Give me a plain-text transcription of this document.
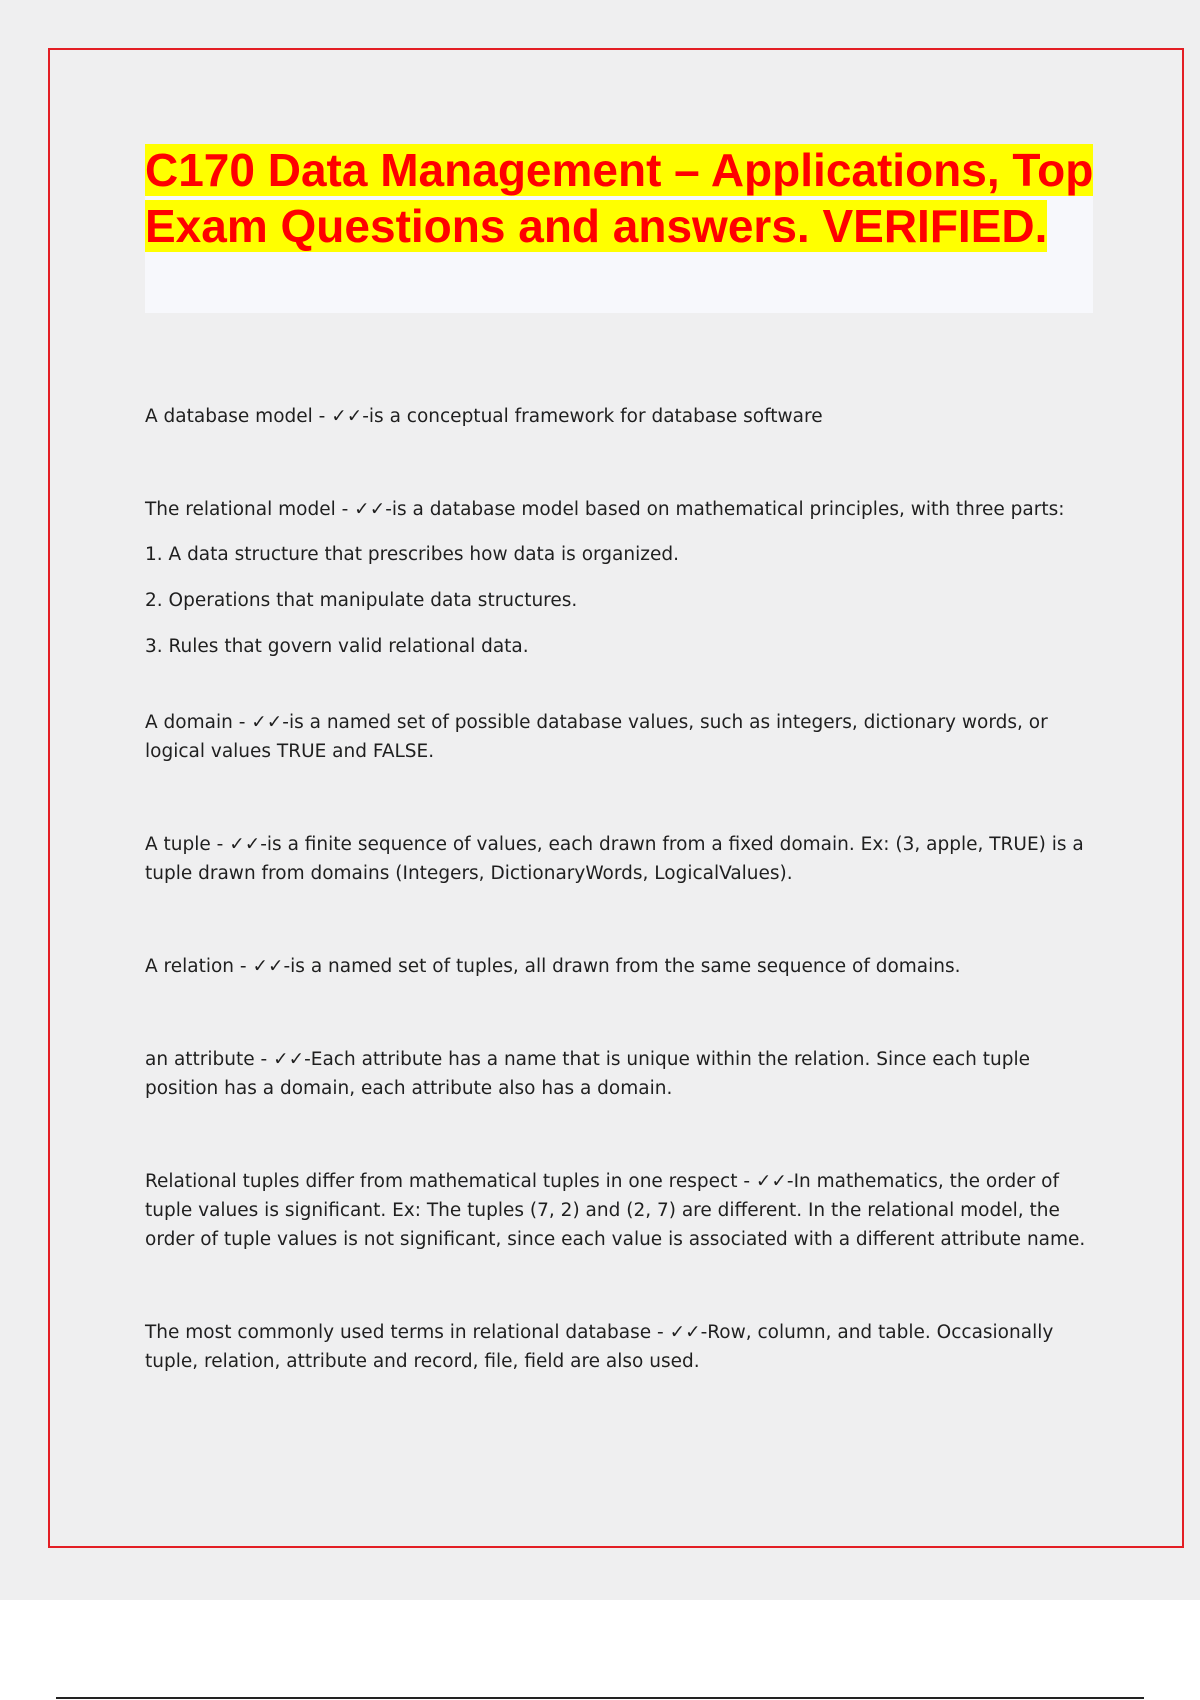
C170 Data Management – Applications, Top Exam Questions and answers. VERIFIED.

A database model - ✓✓-is a conceptual framework for database software

The relational model - ✓✓-is a database model based on mathematical principles, with three parts:

1. A data structure that prescribes how data is organized.
2. Operations that manipulate data structures.
3. Rules that govern valid relational data.

A domain - ✓✓-is a named set of possible database values, such as integers, dictionary words, or logical values TRUE and FALSE.

A tuple - ✓✓-is a finite sequence of values, each drawn from a fixed domain. Ex: (3, apple, TRUE) is a tuple drawn from domains (Integers, DictionaryWords, LogicalValues).

A relation - ✓✓-is a named set of tuples, all drawn from the same sequence of domains.

an attribute - ✓✓-Each attribute has a name that is unique within the relation. Since each tuple position has a domain, each attribute also has a domain.

Relational tuples differ from mathematical tuples in one respect - ✓✓-In mathematics, the order of tuple values is significant. Ex: The tuples (7, 2) and (2, 7) are different. In the relational model, the order of tuple values is not significant, since each value is associated with a different attribute name.

The most commonly used terms in relational database - ✓✓-Row, column, and table. Occasionally tuple, relation, attribute and record, file, field are also used.
